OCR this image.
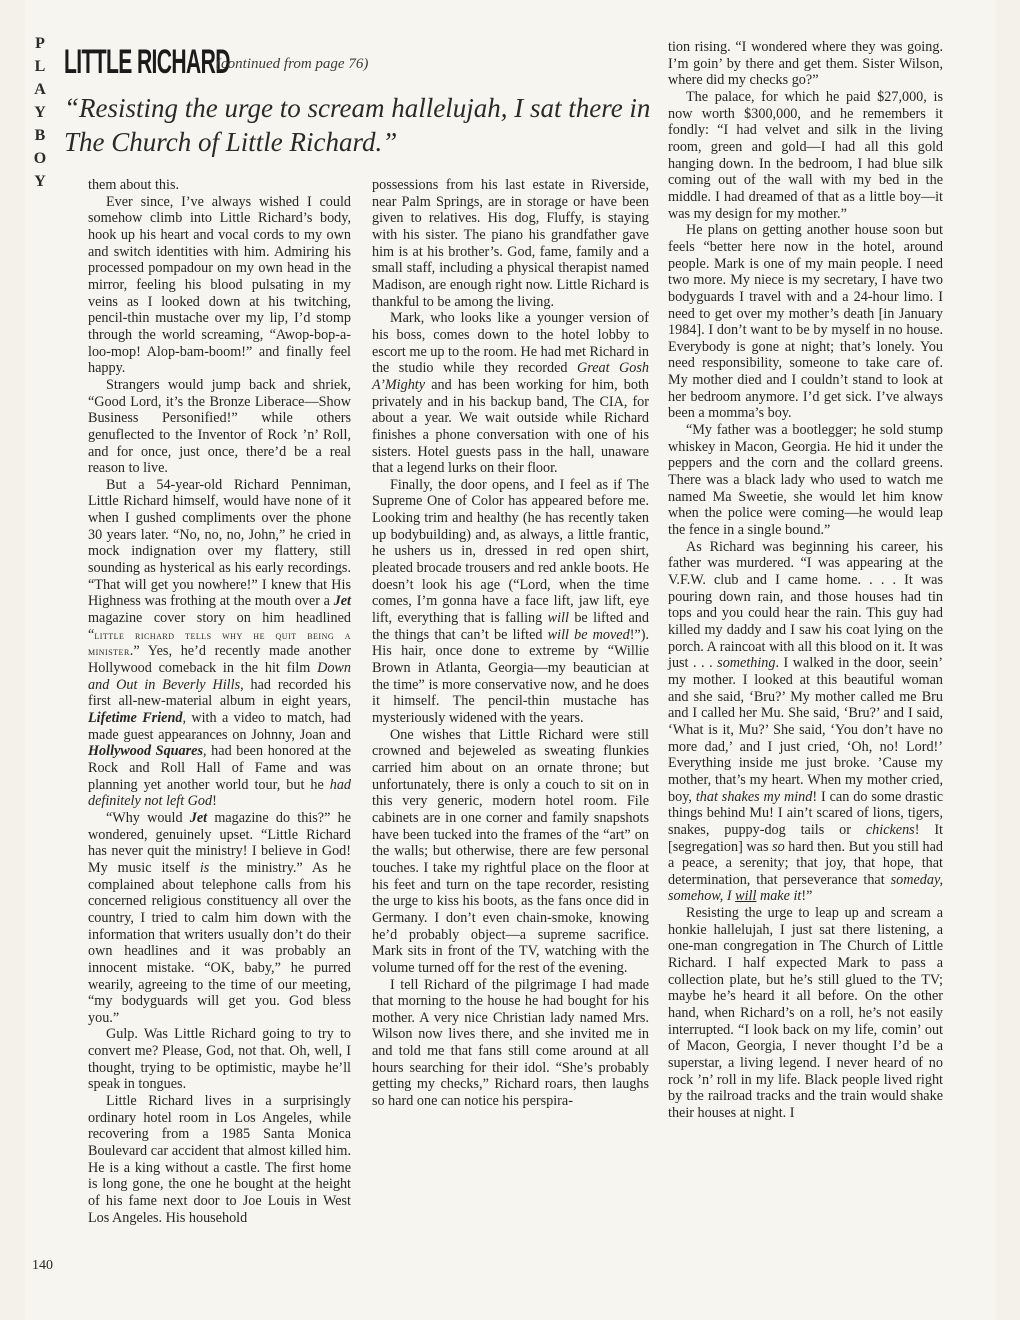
P
L
A
Y
B
O
Y
LITTLE RICHARD
(continued from page 76)
“Resisting the urge to scream hallelujah, I sat there in The Church of Little Richard.”

them about this.

Ever since, I’ve always wished I could somehow climb into Little Richard’s body, hook up his heart and vocal cords to my own and switch identities with him. Admiring his processed pompadour on my own head in the mirror, feeling his blood pulsating in my veins as I looked down at his twitching, pencil-thin mustache over my lip, I’d stomp through the world screaming, “Awop-bop-a-loo-mop! Alop-bam-boom!” and finally feel happy.

Strangers would jump back and shriek, “Good Lord, it’s the Bronze Liberace—Show Business Personified!” while others genuflected to the Inventor of Rock ’n’ Roll, and for once, just once, there’d be a real reason to live.

But a 54-year-old Richard Penniman, Little Richard himself, would have none of it when I gushed compliments over the phone 30 years later. “No, no, no, John,” he cried in mock indignation over my flattery, still sounding as hysterical as his early recordings. “That will get you nowhere!” I knew that His Highness was frothing at the mouth over a Jet magazine cover story on him headlined “little richard tells why he quit being a minister.” Yes, he’d recently made another Hollywood comeback in the hit film Down and Out in Beverly Hills, had recorded his first all-new-material album in eight years, Lifetime Friend, with a video to match, had made guest appearances on Johnny, Joan and Hollywood Squares, had been honored at the Rock and Roll Hall of Fame and was planning yet another world tour, but he had definitely not left God!

“Why would Jet magazine do this?” he wondered, genuinely upset. “Little Richard has never quit the ministry! I believe in God! My music itself is the ministry.” As he complained about telephone calls from his concerned religious constituency all over the country, I tried to calm him down with the information that writers usually don’t do their own headlines and it was probably an innocent mistake. “OK, baby,” he purred wearily, agreeing to the time of our meeting, “my bodyguards will get you. God bless you.”

Gulp. Was Little Richard going to try to convert me? Please, God, not that. Oh, well, I thought, trying to be optimistic, maybe he’ll speak in tongues.

Little Richard lives in a surprisingly ordinary hotel room in Los Angeles, while recovering from a 1985 Santa Monica Boulevard car accident that almost killed him. He is a king without a castle. The first home is long gone, the one he bought at the height of his fame next door to Joe Louis in West Los Angeles. His household

possessions from his last estate in Riverside, near Palm Springs, are in storage or have been given to relatives. His dog, Fluffy, is staying with his sister. The piano his grandfather gave him is at his brother’s. God, fame, family and a small staff, including a physical therapist named Madison, are enough right now. Little Richard is thankful to be among the living.

Mark, who looks like a younger version of his boss, comes down to the hotel lobby to escort me up to the room. He had met Richard in the studio while they recorded Great Gosh A’Mighty and has been working for him, both privately and in his backup band, The CIA, for about a year. We wait outside while Richard finishes a phone conversation with one of his sisters. Hotel guests pass in the hall, unaware that a legend lurks on their floor.

Finally, the door opens, and I feel as if The Supreme One of Color has appeared before me. Looking trim and healthy (he has recently taken up bodybuilding) and, as always, a little frantic, he ushers us in, dressed in red open shirt, pleated brocade trousers and red ankle boots. He doesn’t look his age (“Lord, when the time comes, I’m gonna have a face lift, jaw lift, eye lift, everything that is falling will be lifted and the things that can’t be lifted will be moved!”). His hair, once done to extreme by “Willie Brown in Atlanta, Georgia—my beautician at the time” is more conservative now, and he does it himself. The pencil-thin mustache has mysteriously widened with the years.

One wishes that Little Richard were still crowned and bejeweled as sweating flunkies carried him about on an ornate throne; but unfortunately, there is only a couch to sit on in this very generic, modern hotel room. File cabinets are in one corner and family snapshots have been tucked into the frames of the “art” on the walls; but otherwise, there are few personal touches. I take my rightful place on the floor at his feet and turn on the tape recorder, resisting the urge to kiss his boots, as the fans once did in Germany. I don’t even chain-smoke, knowing he’d probably object—a supreme sacrifice. Mark sits in front of the TV, watching with the volume turned off for the rest of the evening.

I tell Richard of the pilgrimage I had made that morning to the house he had bought for his mother. A very nice Christian lady named Mrs. Wilson now lives there, and she invited me in and told me that fans still come around at all hours searching for their idol. “She’s probably getting my checks,” Richard roars, then laughs so hard one can notice his perspira-

tion rising. “I wondered where they was going. I’m goin’ by there and get them. Sister Wilson, where did my checks go?”

The palace, for which he paid $27,000, is now worth $300,000, and he remembers it fondly: “I had velvet and silk in the living room, green and gold—I had all this gold hanging down. In the bedroom, I had blue silk coming out of the wall with my bed in the middle. I had dreamed of that as a little boy—it was my design for my mother.”

He plans on getting another house soon but feels “better here now in the hotel, around people. Mark is one of my main people. I need two more. My niece is my secretary, I have two bodyguards I travel with and a 24-hour limo. I need to get over my mother’s death [in January 1984]. I don’t want to be by myself in no house. Everybody is gone at night; that’s lonely. You need responsibility, someone to take care of. My mother died and I couldn’t stand to look at her bedroom anymore. I’d get sick. I’ve always been a momma’s boy.

“My father was a bootlegger; he sold stump whiskey in Macon, Georgia. He hid it under the peppers and the corn and the collard greens. There was a black lady who used to watch me named Ma Sweetie, she would let him know when the police were coming—he would leap the fence in a single bound.”

As Richard was beginning his career, his father was murdered. “I was appearing at the V.F.W. club and I came home. . . . It was pouring down rain, and those houses had tin tops and you could hear the rain. This guy had killed my daddy and I saw his coat lying on the porch. A raincoat with all this blood on it. It was just . . . something. I walked in the door, seein’ my mother. I looked at this beautiful woman and she said, ‘Bru?’ My mother called me Bru and I called her Mu. She said, ‘Bru?’ and I said, ‘What is it, Mu?’ She said, ‘You don’t have no more dad,’ and I just cried, ‘Oh, no! Lord!’ Everything inside me just broke. ’Cause my mother, that’s my heart. When my mother cried, boy, that shakes my mind! I can do some drastic things behind Mu! I ain’t scared of lions, tigers, snakes, puppy-dog tails or chickens! It [segregation] was so hard then. But you still had a peace, a serenity; that joy, that hope, that determination, that perseverance that someday, somehow, I will make it!”

Resisting the urge to leap up and scream a honkie hallelujah, I just sat there listening, a one-man congregation in The Church of Little Richard. I half expected Mark to pass a collection plate, but he’s still glued to the TV; maybe he’s heard it all before. On the other hand, when Richard’s on a roll, he’s not easily interrupted. “I look back on my life, comin’ out of Macon, Georgia, I never thought I’d be a superstar, a living legend. I never heard of no rock ’n’ roll in my life. Black people lived right by the railroad tracks and the train would shake their houses at night. I

140
